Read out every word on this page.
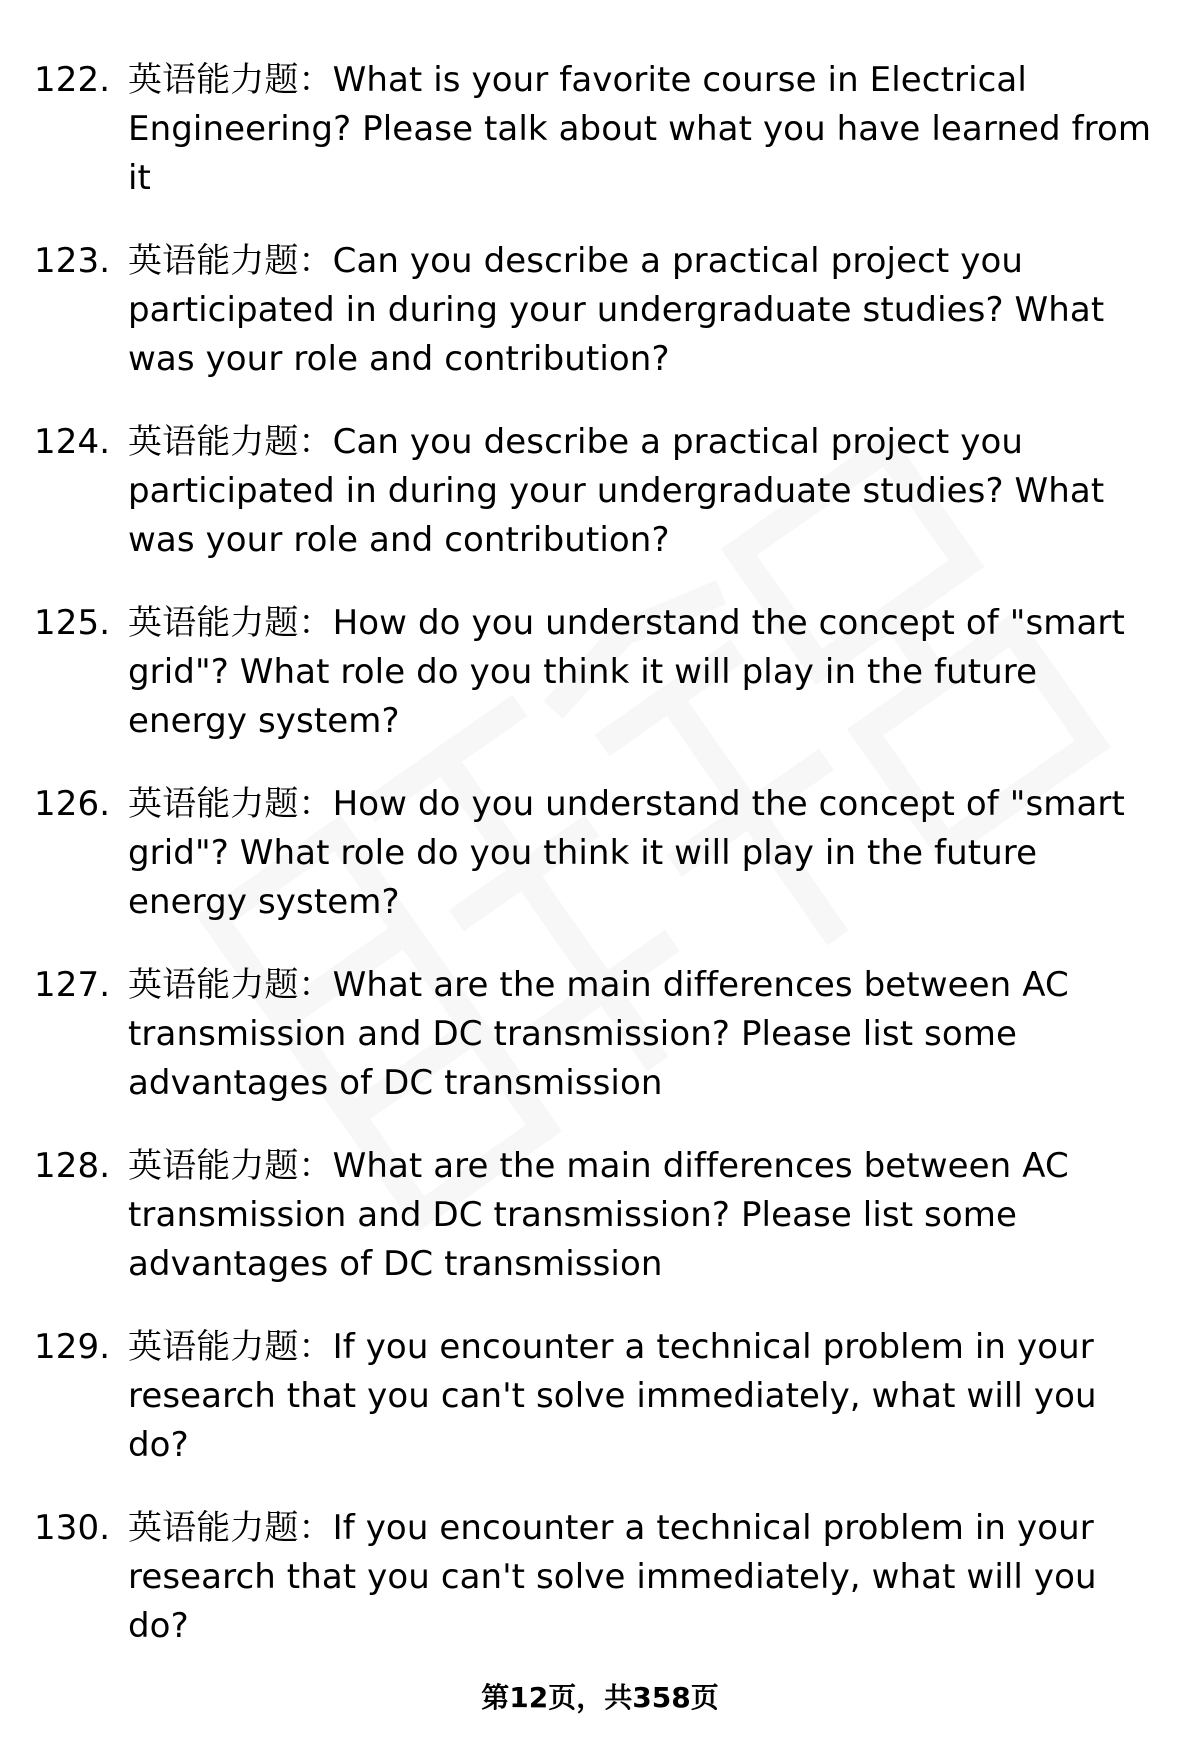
122. 英语能力题：What is your favorite course in Electrical Engineering? Please talk about what you have learned from it
123. 英语能力题：Can you describe a practical project you participated in during your undergraduate studies? What was your role and contribution?
124. 英语能力题：Can you describe a practical project you participated in during your undergraduate studies? What was your role and contribution?
125. 英语能力题：How do you understand the concept of "smart grid"? What role do you think it will play in the future energy system?
126. 英语能力题：How do you understand the concept of "smart grid"? What role do you think it will play in the future energy system?
127. 英语能力题：What are the main differences between AC transmission and DC transmission? Please list some advantages of DC transmission
128. 英语能力题：What are the main differences between AC transmission and DC transmission? Please list some advantages of DC transmission
129. 英语能力题：If you encounter a technical problem in your research that you can't solve immediately, what will you do?
130. 英语能力题：If you encounter a technical problem in your research that you can't solve immediately, what will you do?
第12页，共358页
